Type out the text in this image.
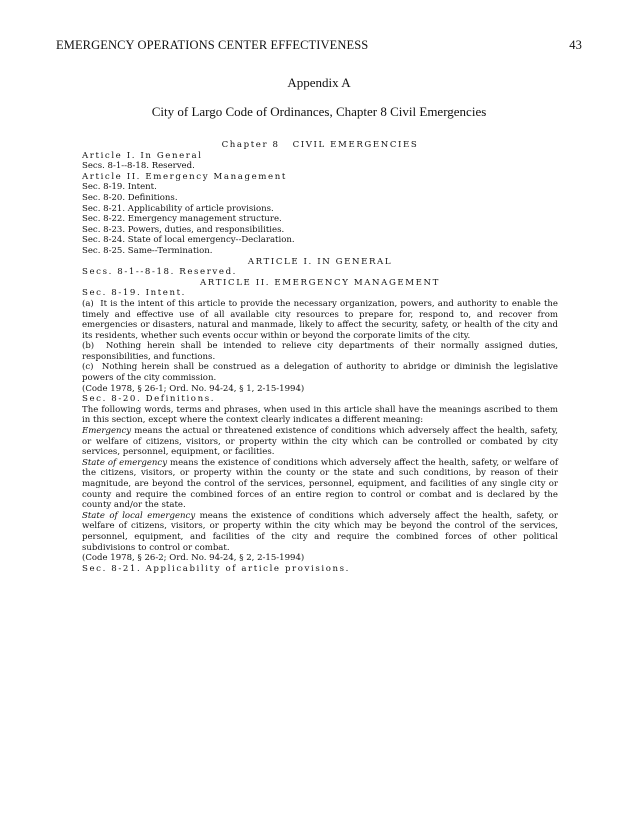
EMERGENCY OPERATIONS CENTER EFFECTIVENESS	43
Appendix A
City of Largo Code of Ordinances, Chapter 8 Civil Emergencies

Chapter 8   CIVIL EMERGENCIES

Article I. In General

Secs. 8-1--8-18. Reserved.

Article II. Emergency Management

Sec. 8-19. Intent.

Sec. 8-20. Definitions.

Sec. 8-21. Applicability of article provisions.

Sec. 8-22. Emergency management structure.

Sec. 8-23. Powers, duties, and responsibilities.

Sec. 8-24. State of local emergency--Declaration.

Sec. 8-25. Same--Termination.

ARTICLE I. IN GENERAL

Secs. 8-1--8-18. Reserved.

ARTICLE II. EMERGENCY MANAGEMENT

Sec. 8-19. Intent.

(a)  It is the intent of this article to provide the necessary organization, powers, and authority to enable the timely and effective use of all available city resources to prepare for, respond to, and recover from emergencies or disasters, natural and manmade, likely to affect the security, safety, or health of the city and its residents, whether such events occur within or beyond the corporate limits of the city.

(b)  Nothing herein shall be intended to relieve city departments of their normally assigned duties, responsibilities, and functions.

(c)  Nothing herein shall be construed as a delegation of authority to abridge or diminish the legislative powers of the city commission.

(Code 1978, § 26-1; Ord. No. 94-24, § 1, 2-15-1994)

Sec. 8-20. Definitions.

The following words, terms and phrases, when used in this article shall have the meanings ascribed to them in this section, except where the context clearly indicates a different meaning:

Emergency means the actual or threatened existence of conditions which adversely affect the health, safety, or welfare of citizens, visitors, or property within the city which can be controlled or combated by city services, personnel, equipment, or facilities.

State of emergency means the existence of conditions which adversely affect the health, safety, or welfare of the citizens, visitors, or property within the county or the state and such conditions, by reason of their magnitude, are beyond the control of the services, personnel, equipment, and facilities of any single city or county and require the combined forces of an entire region to control or combat and is declared by the county and/or the state.

State of local emergency means the existence of conditions which adversely affect the health, safety, or welfare of citizens, visitors, or property within the city which may be beyond the control of the services, personnel, equipment, and facilities of the city and require the combined forces of other political subdivisions to control or combat.

(Code 1978, § 26-2; Ord. No. 94-24, § 2, 2-15-1994)

Sec. 8-21. Applicability of article provisions.
